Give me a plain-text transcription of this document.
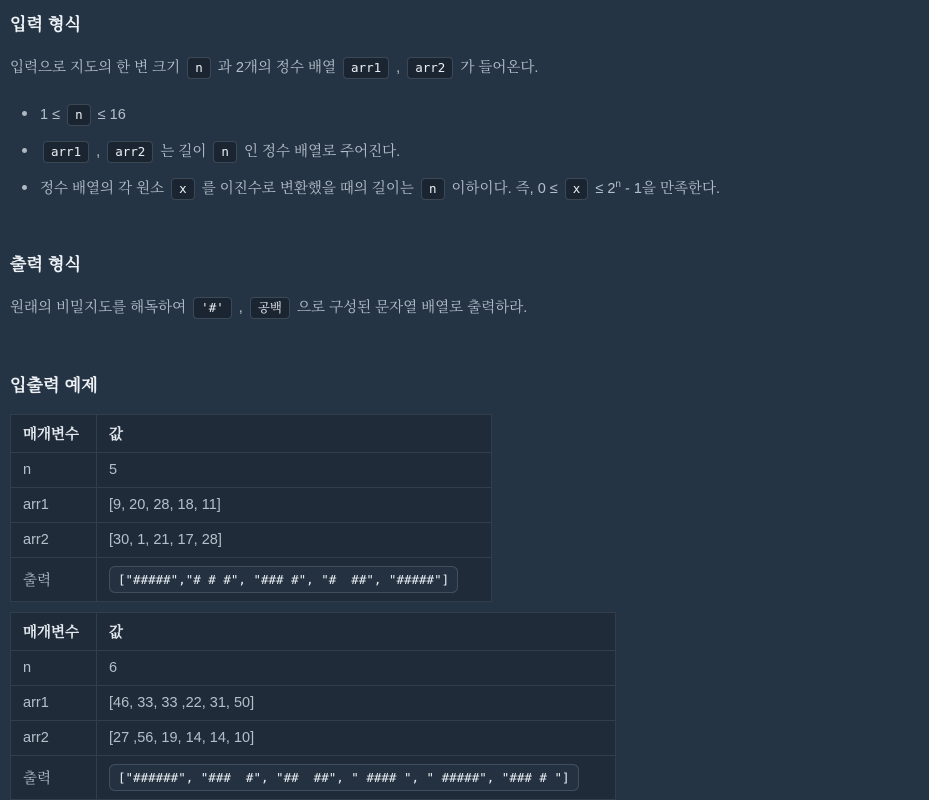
입력 형식

입력으로 지도의 한 변 크기 n 과 2개의 정수 배열 arr1 , arr2 가 들어온다.

1 ≤ n ≤ 16
arr1 , arr2 는 길이 n 인 정수 배열로 주어진다.
정수 배열의 각 원소 x 를 이진수로 변환했을 때의 길이는 n 이하이다. 즉, $0 \le x \le 2^n - 1$을 만족한다.
출력 형식

원래의 비밀지도를 해독하여 '#' , 공백 으로 구성된 문자열 배열로 출력하라.

입출력 예제
매개변수	값
n	5
arr1	[9, 20, 28, 18, 11]
arr2	[30, 1, 21, 17, 28]
출력	["#####","# # #", "### #", "#  ##", "#####"]
매개변수	값
n	6
arr1	[46, 33, 33 ,22, 31, 50]
arr2	[27 ,56, 19, 14, 14, 10]
출력	["######", "###  #", "##  ##", " #### ", " #####", "### # "]
